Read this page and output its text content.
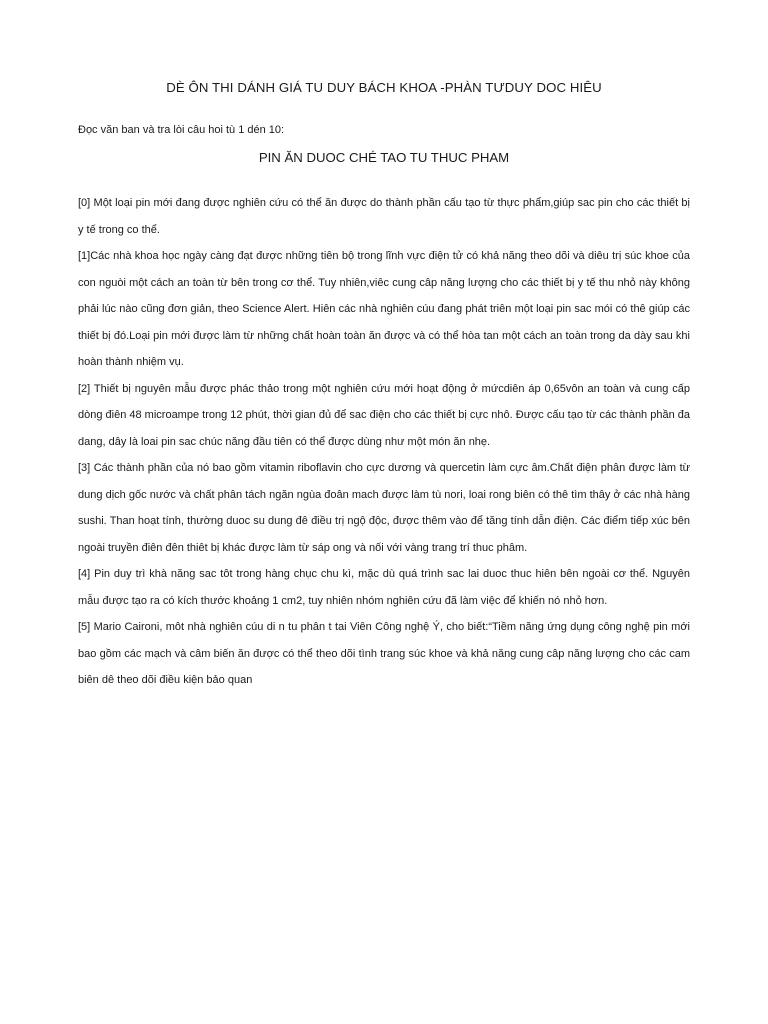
DÈ ÔN THI DÁNH GIÁ TU DUY BÁCH KHOA -PHÀN TƯDUY DOC HIÊU

Đọc văn ban và tra lòi câu hoi tù 1 dén 10:

PIN ĂN DUOC CHÉ TAO TU THUC PHAM

[0] Một loại pin mới đang được nghiên cứu có thể ăn được do thành phần cấu tạo từ thực phẩm,giúp sac pin cho các thiết bị y tế trong co thể.

[1]Các nhà khoa học ngày càng đạt được những tiên bộ trong lĩnh vực điện tử có khả năng theo dõi và diêu trị súc khoe của con nguòi một cách an toàn từ bên trong cơ thể. Tuy nhiên,viêc cung câp năng lượng cho các thiết bị y tế thu nhỏ này không phải lúc nào cũng đơn giản, theo Science Alert. Hiên các nhà nghiên cúu đang phát triên một loại pin sac mói có thê giúp các thiết bị đó.Loại pin mới được làm từ những chất hoàn toàn ăn được và có thể hòa tan một cách an toàn trong da dày sau khi hoàn thành nhiệm vụ.

[2] Thiết bị nguyên mẫu được phác thảo trong một nghiên cứu mới hoạt động ở mứcdiên áp 0,65vôn an toàn và cung cấp dòng điên 48 microampe trong 12 phút, thời gian đủ để sac điện cho các thiết bị cực nhô. Được cấu tạo từ các thành phần đa dang, dây là loai pin sac chúc năng đầu tiên có thể được dùng như một món ăn nhẹ.

[3] Các thành phần của nó bao gồm vitamin riboflavin cho cực dương và quercetin làm cực âm.Chất điện phân được làm từ dung dịch gốc nước và chất phân tách ngăn ngùa đoân mach được làm tù nori, loai rong biên có thê tìm thây ở các nhà hàng sushi. Than hoạt tính, thường duoc su dung đê điều trị ngộ độc, được thêm vào để tăng tính dẫn điện. Các điểm tiếp xúc bên ngoài truyền điên đên thiêt bị khác được làm từ sáp ong và nối với vàng trang trí thuc phâm.

[4] Pin duy trì khà năng sac tôt trong hàng chục chu kì, mặc dù quá trình sac lai duoc thuc hiên bên ngoài cơ thể. Nguyên mẫu được tạo ra có kích thước khoảng 1 cm2, tuy nhiên nhóm nghiên cứu đã làm việc để khiến nó nhỏ hơn.

[5] Mario Caironi, môt nhà nghiên cúu di n tu phân t tai Viên Công nghệ Ý, cho biết:“Tiềm năng ứng dụng công nghệ pin mới bao gồm các mạch và câm biến ăn được có thể theo dõi tình trang súc khoe và khả năng cung câp năng lượng cho các cam biên dê theo dõi điều kiện bảo quan
